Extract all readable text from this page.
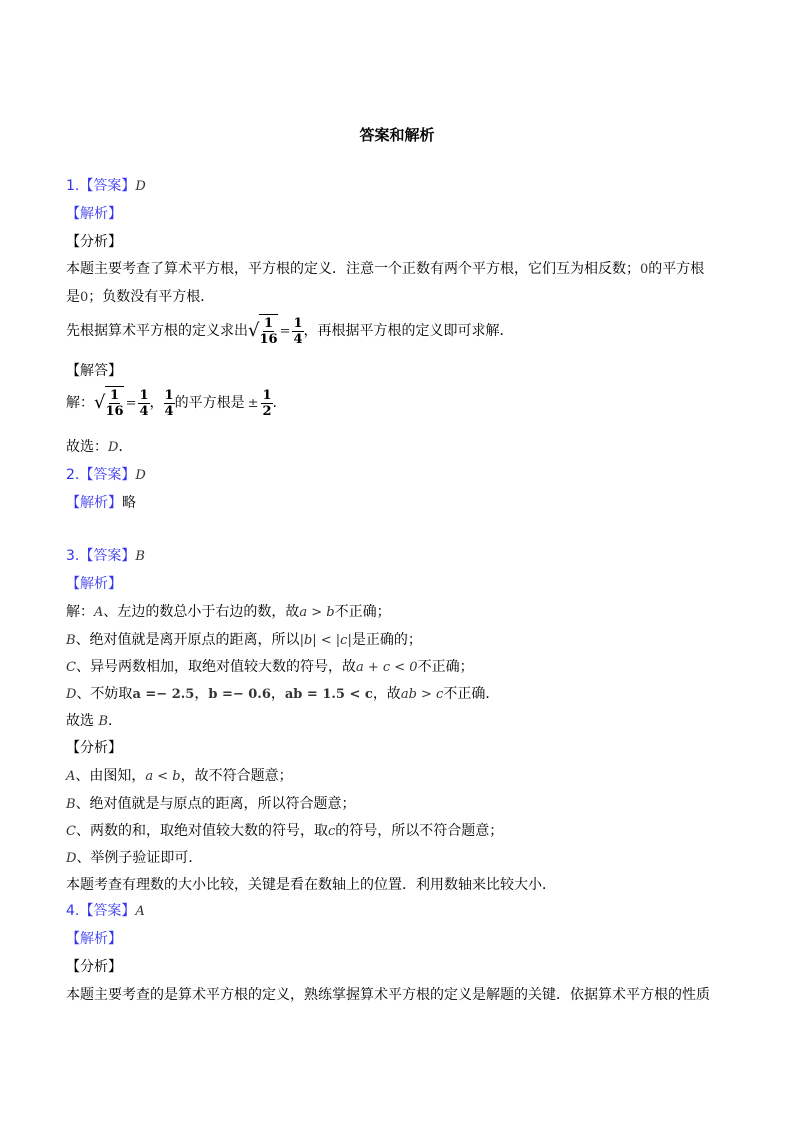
答案和解析
1.【答案】D
【解析】
【分析】
本题主要考查了算术平方根，平方根的定义．注意一个正数有两个平方根，它们互为相反数；0的平方根
是0；负数没有平方根．
先根据算术平方根的定义求出 √ $\frac{1}{16} = \frac{1}{4}$ ，再根据平方根的定义即可求解．
【解答】
解： √ $\frac{1}{16} = \frac{1}{4}$ ， $\frac{1}{4}$ 的平方根是 ± $\frac{1}{2}$ .
故选：D．
2.【答案】D
【解析】略
3.【答案】B
【解析】
解：A、左边的数总小于右边的数，故a > b不正确；
B、绝对值就是离开原点的距离，所以|b| < |c|是正确的；
C、异号两数相加，取绝对值较大数的符号，故a + c < 0不正确；
D、不妨取a =− 2.5，b =− 0.6，ab = 1.5 < c，故ab > c不正确．
故选 B.
【分析】
A、由图知，a < b，故不符合题意；
B、绝对值就是与原点的距离，所以符合题意；
C、两数的和，取绝对值较大数的符号，取c的符号，所以不符合题意；
D、举例子验证即可．
本题考查有理数的大小比较，关键是看在数轴上的位置．利用数轴来比较大小．
4.【答案】A
【解析】
【分析】
本题主要考查的是算术平方根的定义，熟练掌握算术平方根的定义是解题的关键．依据算术平方根的性质
